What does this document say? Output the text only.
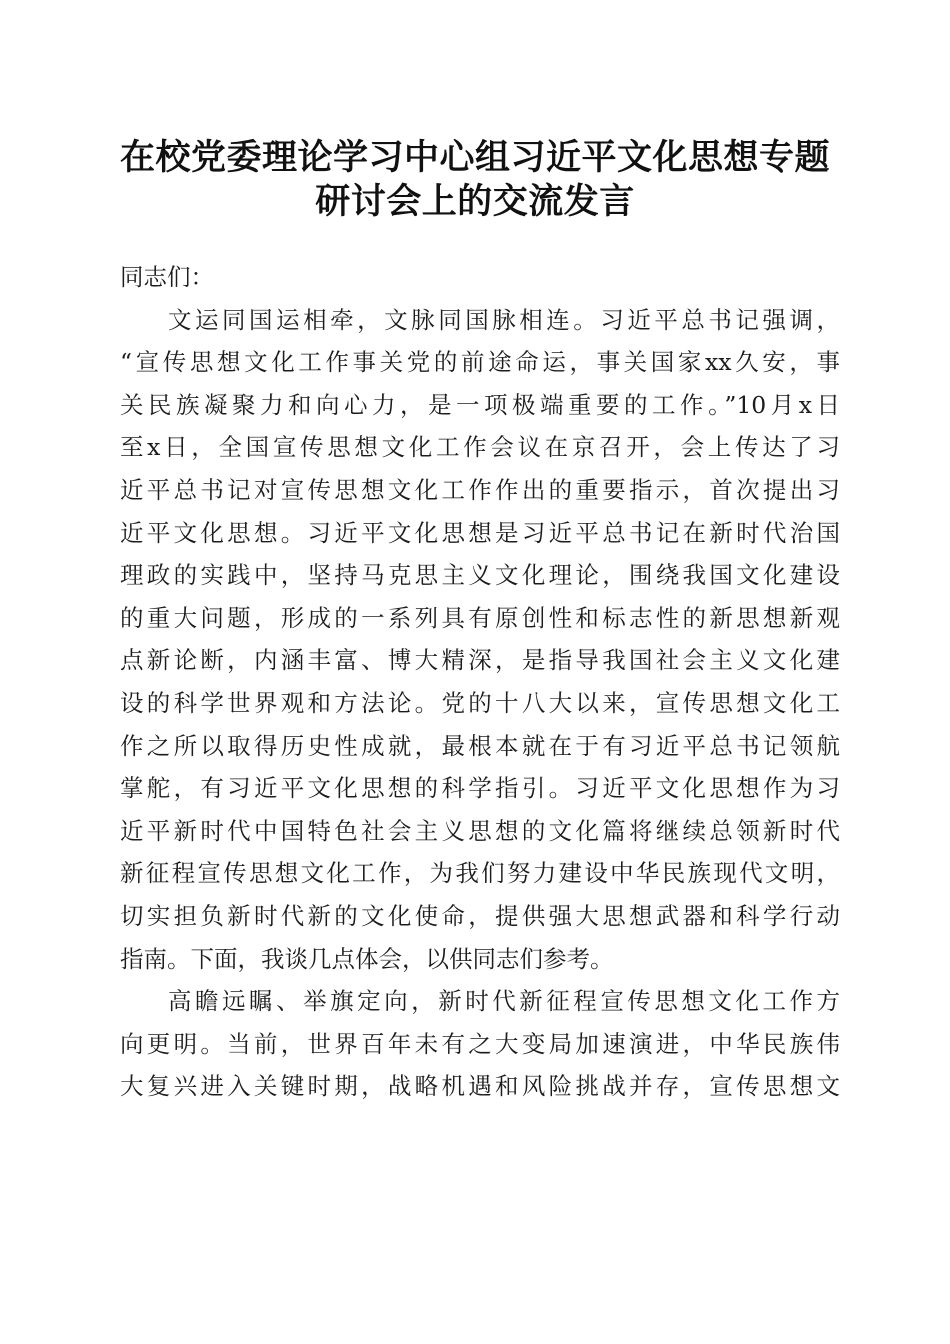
在校党委理论学习中心组习近平文化思想专题
研讨会上的交流发言
同志们：
文运同国运相牵，文脉同国脉相连。习近平总书记强调，
“宣传思想文化工作事关党的前途命运，事关国家xx久安，事
关民族凝聚力和向心力，是一项极端重要的工作。”10月x日
至x日，全国宣传思想文化工作会议在京召开，会上传达了习
近平总书记对宣传思想文化工作作出的重要指示，首次提出习
近平文化思想。习近平文化思想是习近平总书记在新时代治国
理政的实践中，坚持马克思主义文化理论，围绕我国文化建设
的重大问题，形成的一系列具有原创性和标志性的新思想新观
点新论断，内涵丰富、博大精深，是指导我国社会主义文化建
设的科学世界观和方法论。党的十八大以来，宣传思想文化工
作之所以取得历史性成就，最根本就在于有习近平总书记领航
掌舵，有习近平文化思想的科学指引。习近平文化思想作为习
近平新时代中国特色社会主义思想的文化篇将继续总领新时代
新征程宣传思想文化工作，为我们努力建设中华民族现代文明，
切实担负新时代新的文化使命，提供强大思想武器和科学行动
指南。下面，我谈几点体会，以供同志们参考。
高瞻远瞩、举旗定向，新时代新征程宣传思想文化工作方
向更明。当前，世界百年未有之大变局加速演进，中华民族伟
大复兴进入关键时期，战略机遇和风险挑战并存，宣传思想文
